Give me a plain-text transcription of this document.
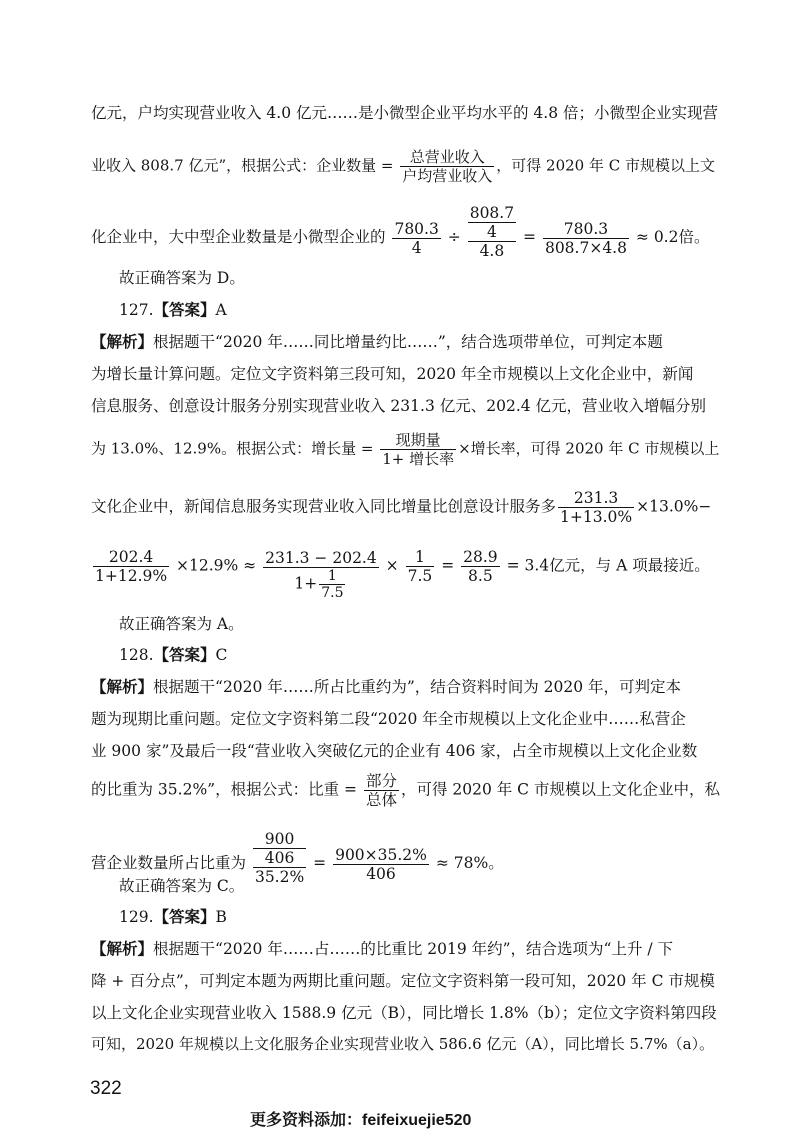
亿元，户均实现营业收入 4.0 亿元……是小微型企业平均水平的 4.8 倍；小微型企业实现营
业收入 808.7 亿元”，根据公式：企业数量 = $\frac{\text{总营业收入}}{\text{户均营业收入}}$ ，可得 2020 年 C 市规模以上文
化企业中，大中型企业数量是小微型企业的 $\frac{780.3}{4}$ ÷
808.7
4
4.8
= $\frac{780.3}{808.7\times 4.8} \approx 0.2$倍。
故正确答案为 D。
127.【答案】A
【解析】根据题干“2020 年……同比增量约比……”，结合选项带单位，可判定本题
为增长量计算问题。定位文字资料第三段可知，2020 年全市规模以上文化企业中，新闻
信息服务、创意设计服务分别实现营业收入 231.3 亿元、202.4 亿元，营业收入增幅分别
为 13.0%、12.9%。根据公式：增长量 = $\frac{\text{现期量}}{\text{1+ 增长率}}$ ×增长率，可得 2020 年 C 市规模以上
文化企业中，新闻信息服务实现营业收入同比增量比创意设计服务多 $\frac{231.3}{1+13.0\%} \times 13.0\%-$
$\frac{202.4}{1+12.9\%} \times 12.9\% \approx \frac{231.3 - 202.4}{1+ \frac{1}{7.5}} \times \frac{1}{7.5} = \frac{28.9}{8.5} = 3.4$亿元，与 A 项最接近。
故正确答案为 A。
128.【答案】C
【解析】根据题干“2020 年……所占比重约为”，结合资料时间为 2020 年，可判定本
题为现期比重问题。定位文字资料第二段“2020 年全市规模以上文化企业中……私营企
业 900 家”及最后一段“营业收入突破亿元的企业有 406 家，占全市规模以上文化企业数
的比重为 35.2%”，根据公式：比重 = $\frac{\text{部分}}{\text{总体}}$ ，可得 2020 年 C 市规模以上文化企业中，私
营企业数量所占比重为
900
406
35.2%
= $\frac{900\times 35.2\%}{406} \approx 78\%$。
故正确答案为 C。
129.【答案】B
【解析】根据题干“2020 年……占……的比重比 2019 年约”，结合选项为“上升 / 下
降 + 百分点”，可判定本题为两期比重问题。定位文字资料第一段可知，2020 年 C 市规模
以上文化企业实现营业收入 1588.9 亿元（B），同比增长 1.8%（b）；定位文字资料第四段
可知，2020 年规模以上文化服务企业实现营业收入 586.6 亿元（A），同比增长 5.7%（a）。
322
更多资料添加：feifeixuejie520
